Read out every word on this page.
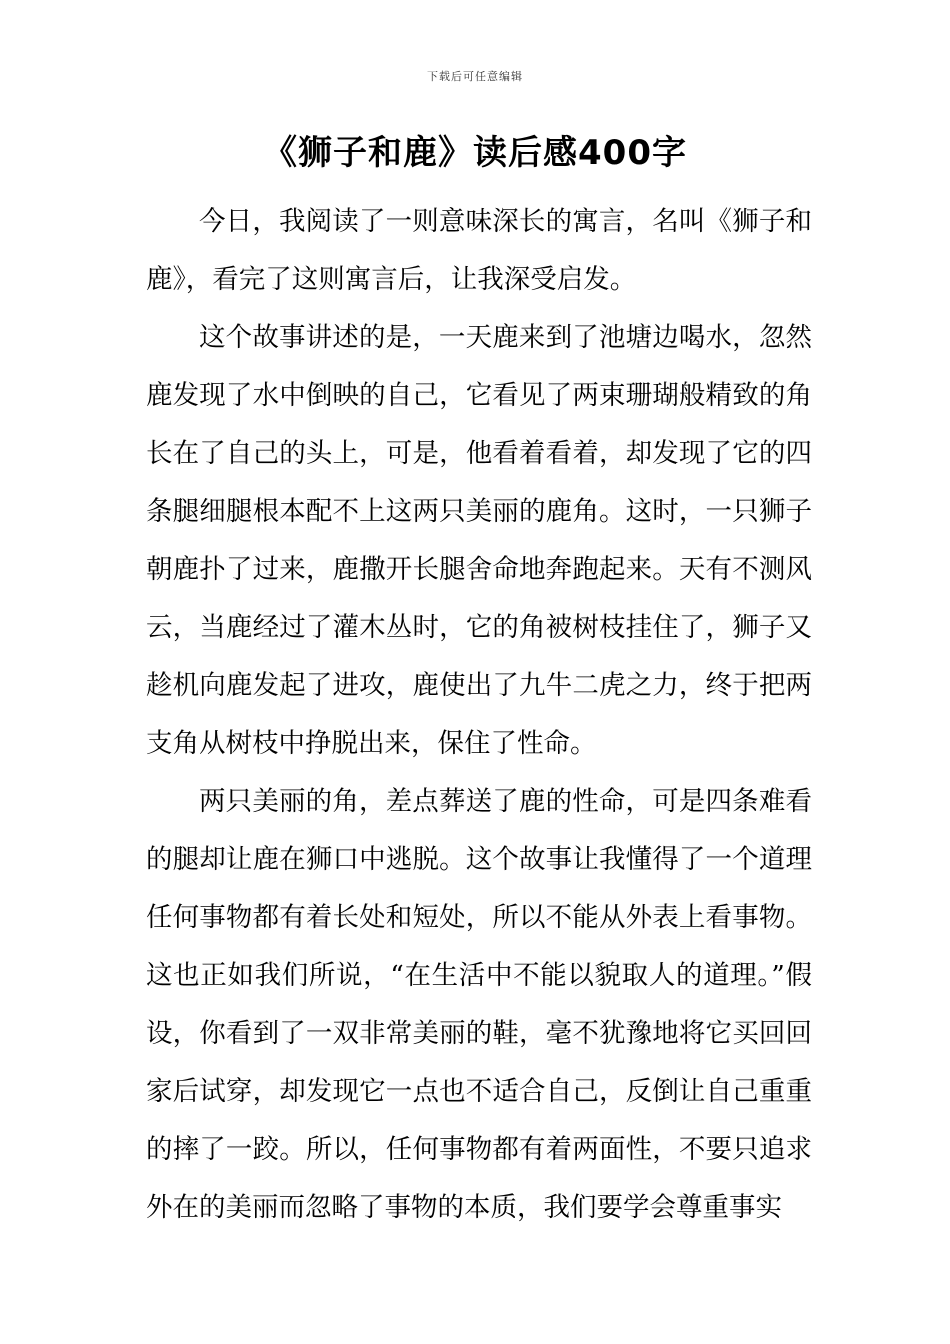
下载后可任意编辑
《狮子和鹿》读后感400字

今日，我阅读了一则意味深长的寓言，名叫《狮子和鹿》，看完了这则寓言后，让我深受启发。

这个故事讲述的是，一天鹿来到了池塘边喝水，忽然鹿发现了水中倒映的自己，它看见了两束珊瑚般精致的角长在了自己的头上，可是，他看着看着，却发现了它的四条腿细腿根本配不上这两只美丽的鹿角。这时，一只狮子朝鹿扑了过来，鹿撒开长腿舍命地奔跑起来。天有不测风云，当鹿经过了灌木丛时，它的角被树枝挂住了，狮子又趁机向鹿发起了进攻，鹿使出了九牛二虎之力，终于把两支角从树枝中挣脱出来，保住了性命。

两只美丽的角，差点葬送了鹿的性命，可是四条难看的腿却让鹿在狮口中逃脱。这个故事让我懂得了一个道理任何事物都有着长处和短处，所以不能从外表上看事物。这也正如我们所说，“在生活中不能以貌取人的道理。”假设，你看到了一双非常美丽的鞋，毫不犹豫地将它买回回家后试穿，却发现它一点也不适合自己，反倒让自己重重的摔了一跤。所以，任何事物都有着两面性，不要只追求外在的美丽而忽略了事物的本质，我们要学会尊重事实
